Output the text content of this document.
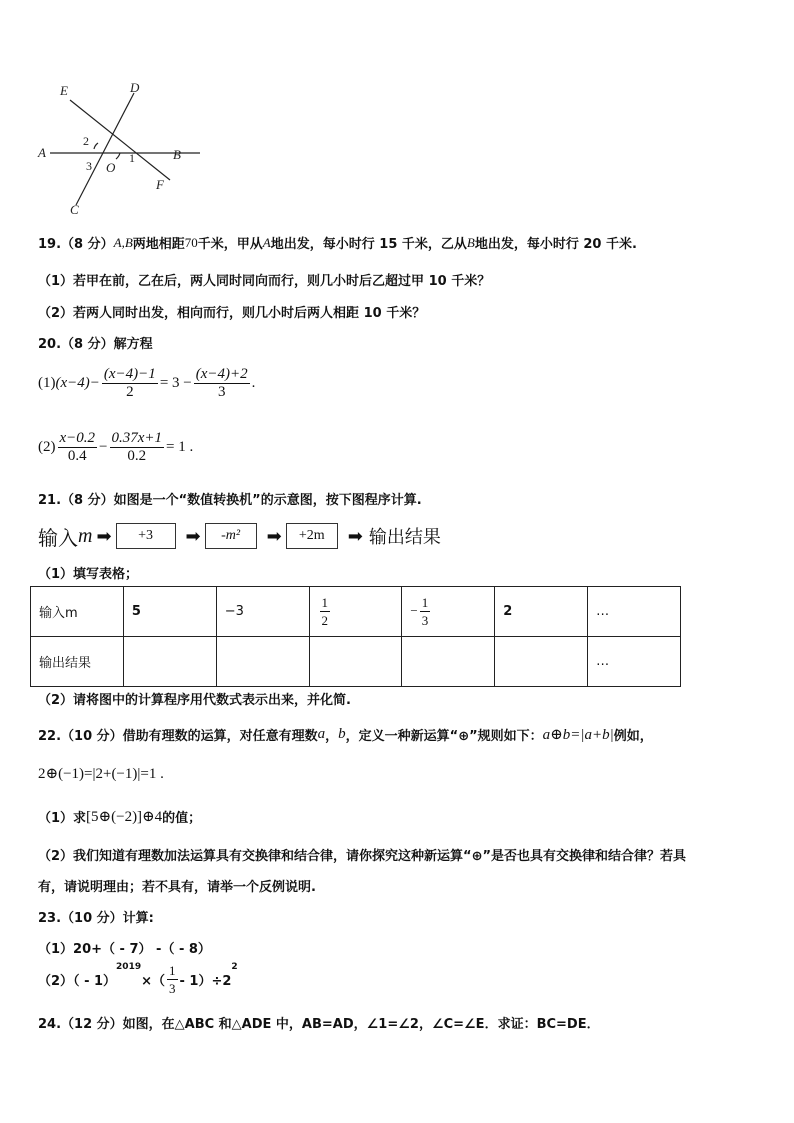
E	D
A	B
C
F
O
1
2
3
19.（8 分） A ,B 两地相距 70 千米，甲从 A 地出发，每小时行 15 千米，乙从 B 地出发，每小时行 20 千米.
（1）若甲在前，乙在后，两人同时同向而行，则几小时后乙超过甲 10 千米？
（2）若两人同时出发，相向而行，则几小时后两人相距 10 千米？
20.（8 分）解方程
(1) $(x-4)- \frac{(x-4)-1}{2} = 3 - \frac{(x-4)+2}{3}$ .
$(2) \frac{x-0.2}{0.4} - \frac{0.37x+1}{0.2} = 1$ .
21.（8 分）如图是一个“数值转换机”的示意图，按下图程序计算.
输入 m ➡	+3	➡	-m²	➡	+2m	➡ 输出结果
（1）填写表格；
输入m	5	−3	$\frac{1}{2}$	− $\frac{1}{3}$	2	…
输出结果						…
（2）请将图中的计算程序用代数式表示出来，并化简.
22.（10 分）借助有理数的运算，对任意有理数 a ， b ，定义一种新运算“⊕”规则如下： a⊕b=|a+b| 例如，
2⊕(−1)=|2+(−1)|=1 .
（1）求 [5⊕(−2)]⊕4 的值；
（2）我们知道有理数加法运算具有交换律和结合律，请你探究这种新运算“⊕”是否也具有交换律和结合律？若具
有，请说明理由；若不具有，请举一个反例说明.
23.（10 分）计算:
（1）20+（ - 7） -（ - 8）
（2）（ - 1）
$^{2019}$
×（ $\frac{1}{3} - 1)\div 2$
$^2$
24.（12 分）如图，在△ABC 和△ADE 中，AB=AD，∠1=∠2，∠C=∠E．求证：BC=DE．
